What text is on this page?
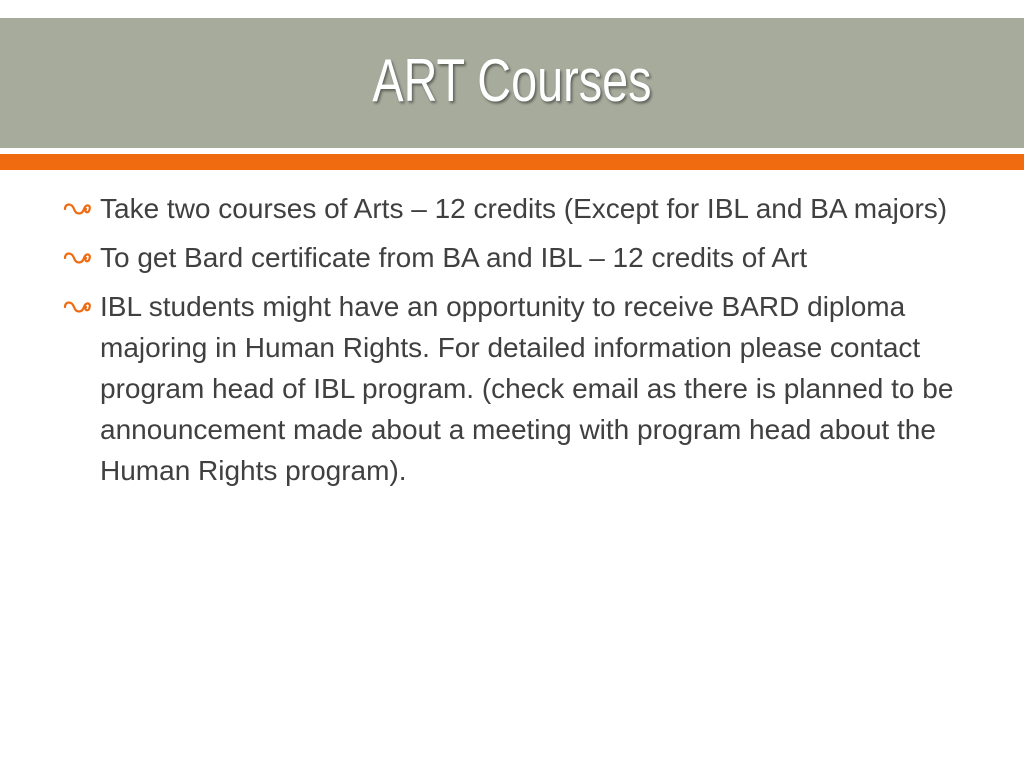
ART Courses
Take two courses of Arts – 12 credits (Except for IBL and BA majors)
To get Bard certificate from BA and IBL – 12 credits of Art
IBL students might have an opportunity to receive BARD diploma majoring in Human Rights. For detailed information please contact program head of IBL program. (check email as there is planned to be announcement made about a meeting with program head about the Human Rights program).
